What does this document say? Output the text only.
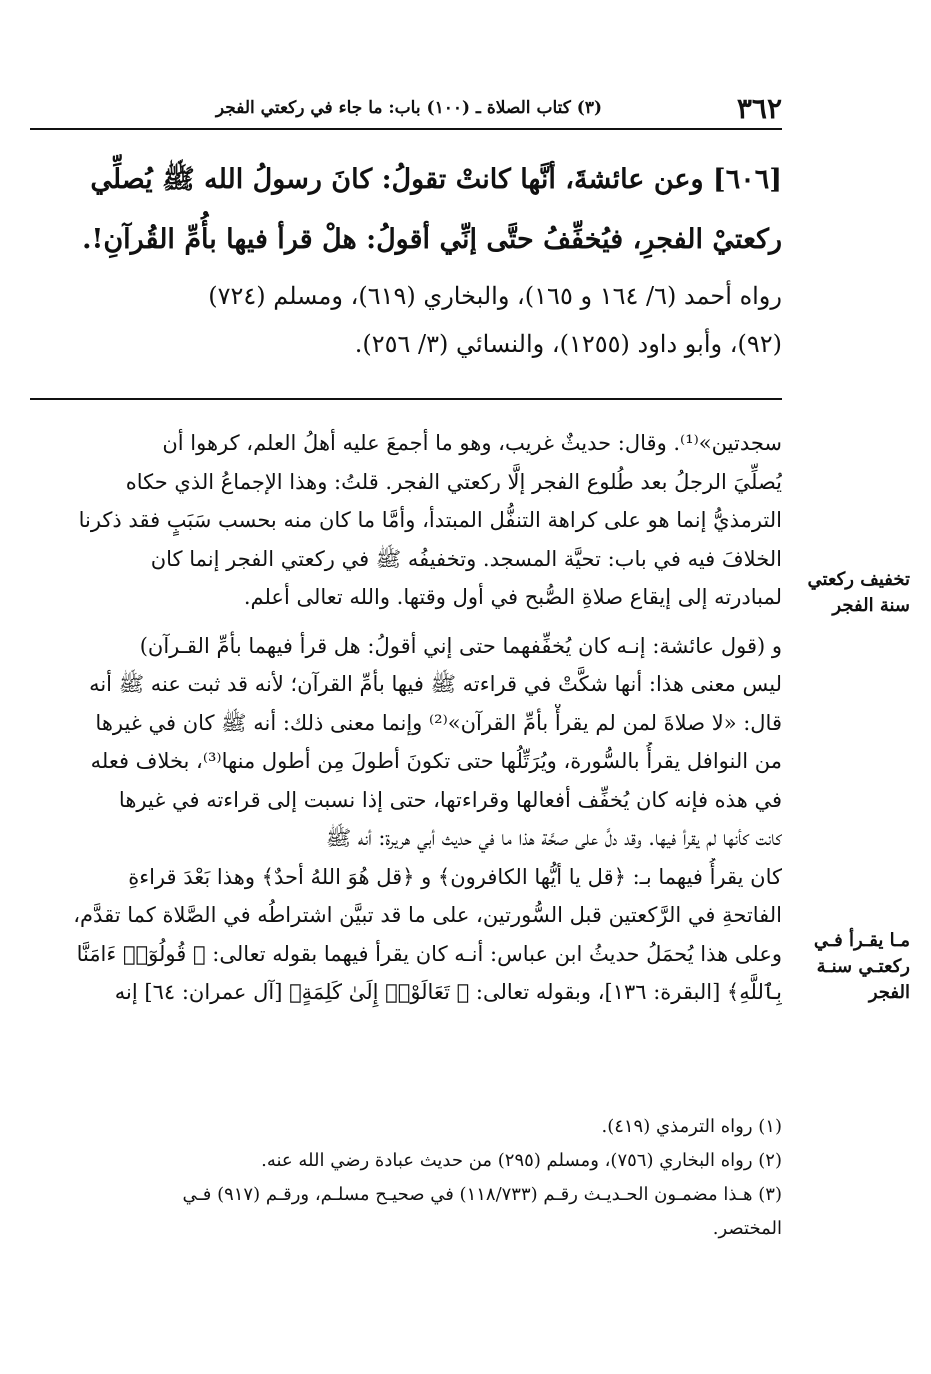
٣٦٢
(٣) كتاب الصلاة ـ (١٠٠) باب: ما جاء في ركعتي الفجر
[٦٠٦] وعن عائشةَ، أنَّها كانتْ تقولُ: كانَ رسولُ الله ﷺ يُصلِّي
ركعتيْ الفجرِ، فيُخفِّفُ حتَّى إنِّي أقولُ: هلْ قرأ فيها بأُمِّ القُرآنِ!.
رواه أحمد (٦/ ١٦٤ و ١٦٥)، والبخاري (٦١٩)، ومسلم (٧٢٤)
(٩٢)، وأبو داود (١٢٥٥)، والنسائي (٣/ ٢٥٦).
سجدتين»⁽¹⁾. وقال: حديثٌ غريب، وهو ما أجمعَ عليه أهلُ العلم، كرهوا أن
يُصلِّيَ الرجلُ بعد طُلوع الفجر إلَّا ركعتي الفجر. قلتُ: وهذا الإجماعُ الذي حكاه
الترمذيُّ إنما هو على كراهة التنفُّل المبتدأ، وأمَّا ما كان منه بحسب سَبَبٍ فقد ذكرنا
الخلافَ فيه في باب: تحيَّة المسجد. وتخفيفُه ﷺ في ركعتي الفجر إنما كان
لمبادرته إلى إيقاع صلاةِ الصُّبح في أول وقتها. والله تعالى أعلم.
و (قول عائشة: إنـه كان يُخفِّفهما حتى إني أقولُ: هل قرأ فيهما بأمِّ القـرآن)
ليس معنى هذا: أنها شكَّتْ في قراءته ﷺ فيها بأمِّ القرآن؛ لأنه قد ثبت عنه ﷺ أنه
قال: «لا صلاةَ لمن لم يقرأْ بأمِّ القرآن»⁽²⁾ وإنما معنى ذلك: أنه ﷺ كان في غيرها
من النوافل يقرأُ بالسُّورة، ويُرَتِّلُها حتى تكونَ أطولَ مِن أطول منها⁽³⁾، بخلاف فعله
في هذه فإنه كان يُخفِّف أفعالها وقراءتها، حتى إذا نسبت إلى قراءته في غيرها
كانت كأنها لم يقرأ فيها. وقد دلَّ على صحَّة هذا ما في حديث أبي هريرة: أنه ﷺ
كان يقرأُ فيهما بـ: ﴿قل يا أيُّها الكافرون﴾ و ﴿قل هُوَ اللهُ أحدٌ﴾ وهذا بَعْدَ قراءةِ
الفاتحةِ في الرَّكعتين قبل السُّورتين، على ما قد تبيَّن اشتراطُه في الصَّلاة كما تقدَّم،
وعلى هذا يُحمَلُ حديثُ ابن عباس: أنـه كان يقرأ فيهما بقوله تعالى: ﴿ قُولُوٓا۟ ءَامَنَّا
بِٱللَّهِ﴾ [البقرة: ١٣٦]، وبقوله تعالى: ﴿ تَعَالَوْا۟ إِلَىٰ كَلِمَةٍ﴾ [آل عمران: ٦٤] إنه
تخفيف ركعتي
سنة الفجر
مـا يقـرأ فـي
ركعتـي سنـة
الفجر
(١) رواه الترمذي (٤١٩).
(٢) رواه البخاري (٧٥٦)، ومسلم (٢٩٥) من حديث عبادة رضي الله عنه.
(٣) هـذا مضمـون الحـديـث رقـم (١١٨/٧٣٣) في صحيـح مسلـم، ورقـم (٩١٧) فـي
المختصر.
